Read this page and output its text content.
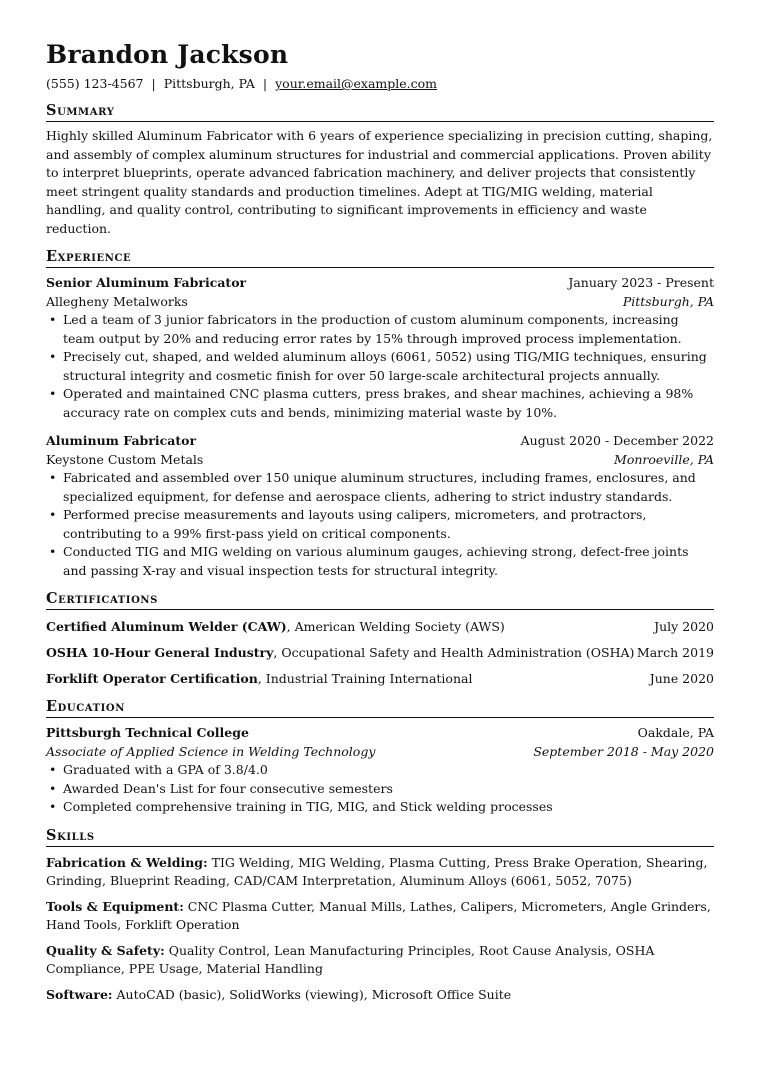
Brandon Jackson
(555) 123-4567 | Pittsburgh, PA | your.email@example.com
Summary
Highly skilled Aluminum Fabricator with 6 years of experience specializing in precision cutting, shaping, and assembly of complex aluminum structures for industrial and commercial applications. Proven ability to interpret blueprints, operate advanced fabrication machinery, and deliver projects that consistently meet stringent quality standards and production timelines. Adept at TIG/MIG welding, material handling, and quality control, contributing to significant improvements in efficiency and waste reduction.
Experience
Senior Aluminum Fabricator	January 2023 - Present
Allegheny Metalworks	Pittsburgh, PA
• Led a team of 3 junior fabricators in the production of custom aluminum components, increasing team output by 20% and reducing error rates by 15% through improved process implementation.
• Precisely cut, shaped, and welded aluminum alloys (6061, 5052) using TIG/MIG techniques, ensuring structural integrity and cosmetic finish for over 50 large-scale architectural projects annually.
• Operated and maintained CNC plasma cutters, press brakes, and shear machines, achieving a 98% accuracy rate on complex cuts and bends, minimizing material waste by 10%.
Aluminum Fabricator	August 2020 - December 2022
Keystone Custom Metals	Monroeville, PA
• Fabricated and assembled over 150 unique aluminum structures, including frames, enclosures, and specialized equipment, for defense and aerospace clients, adhering to strict industry standards.
• Performed precise measurements and layouts using calipers, micrometers, and protractors, contributing to a 99% first-pass yield on critical components.
• Conducted TIG and MIG welding on various aluminum gauges, achieving strong, defect-free joints and passing X-ray and visual inspection tests for structural integrity.
Certifications
Certified Aluminum Welder (CAW), American Welding Society (AWS)	July 2020
OSHA 10-Hour General Industry, Occupational Safety and Health Administration (OSHA) March 2019
Forklift Operator Certification, Industrial Training International	June 2020
Education
Pittsburgh Technical College	Oakdale, PA
Associate of Applied Science in Welding Technology	September 2018 - May 2020
• Graduated with a GPA of 3.8/4.0
• Awarded Dean's List for four consecutive semesters
• Completed comprehensive training in TIG, MIG, and Stick welding processes
Skills
Fabrication & Welding: TIG Welding, MIG Welding, Plasma Cutting, Press Brake Operation, Shearing, Grinding, Blueprint Reading, CAD/CAM Interpretation, Aluminum Alloys (6061, 5052, 7075)
Tools & Equipment: CNC Plasma Cutter, Manual Mills, Lathes, Calipers, Micrometers, Angle Grinders, Hand Tools, Forklift Operation
Quality & Safety: Quality Control, Lean Manufacturing Principles, Root Cause Analysis, OSHA Compliance, PPE Usage, Material Handling
Software: AutoCAD (basic), SolidWorks (viewing), Microsoft Office Suite
